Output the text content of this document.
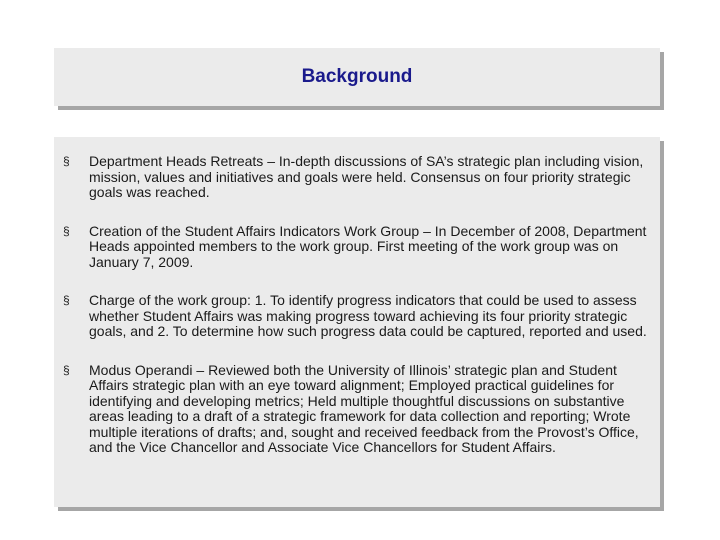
Background
§	Department Heads Retreats – In-depth discussions of SA’s strategic plan including vision, mission, values and initiatives and goals were held. Consensus on four priority strategic goals was reached.
§	Creation of the Student Affairs Indicators Work Group – In December of 2008, Department Heads appointed members to the work group. First meeting of the work group was on January 7, 2009.
§	Charge of the work group: 1. To identify progress indicators that could be used to assess whether Student Affairs was making progress toward achieving its four priority strategic goals, and 2. To determine how such progress data could be captured, reported and used.
§	Modus Operandi – Reviewed both the University of Illinois’ strategic plan and Student Affairs strategic plan with an eye toward alignment; Employed practical guidelines for identifying and developing metrics; Held multiple thoughtful discussions on substantive areas leading to a draft of a strategic framework for data collection and reporting; Wrote multiple iterations of drafts; and, sought and received feedback from the Provost’s Office, and the Vice Chancellor and Associate Vice Chancellors for Student Affairs.
